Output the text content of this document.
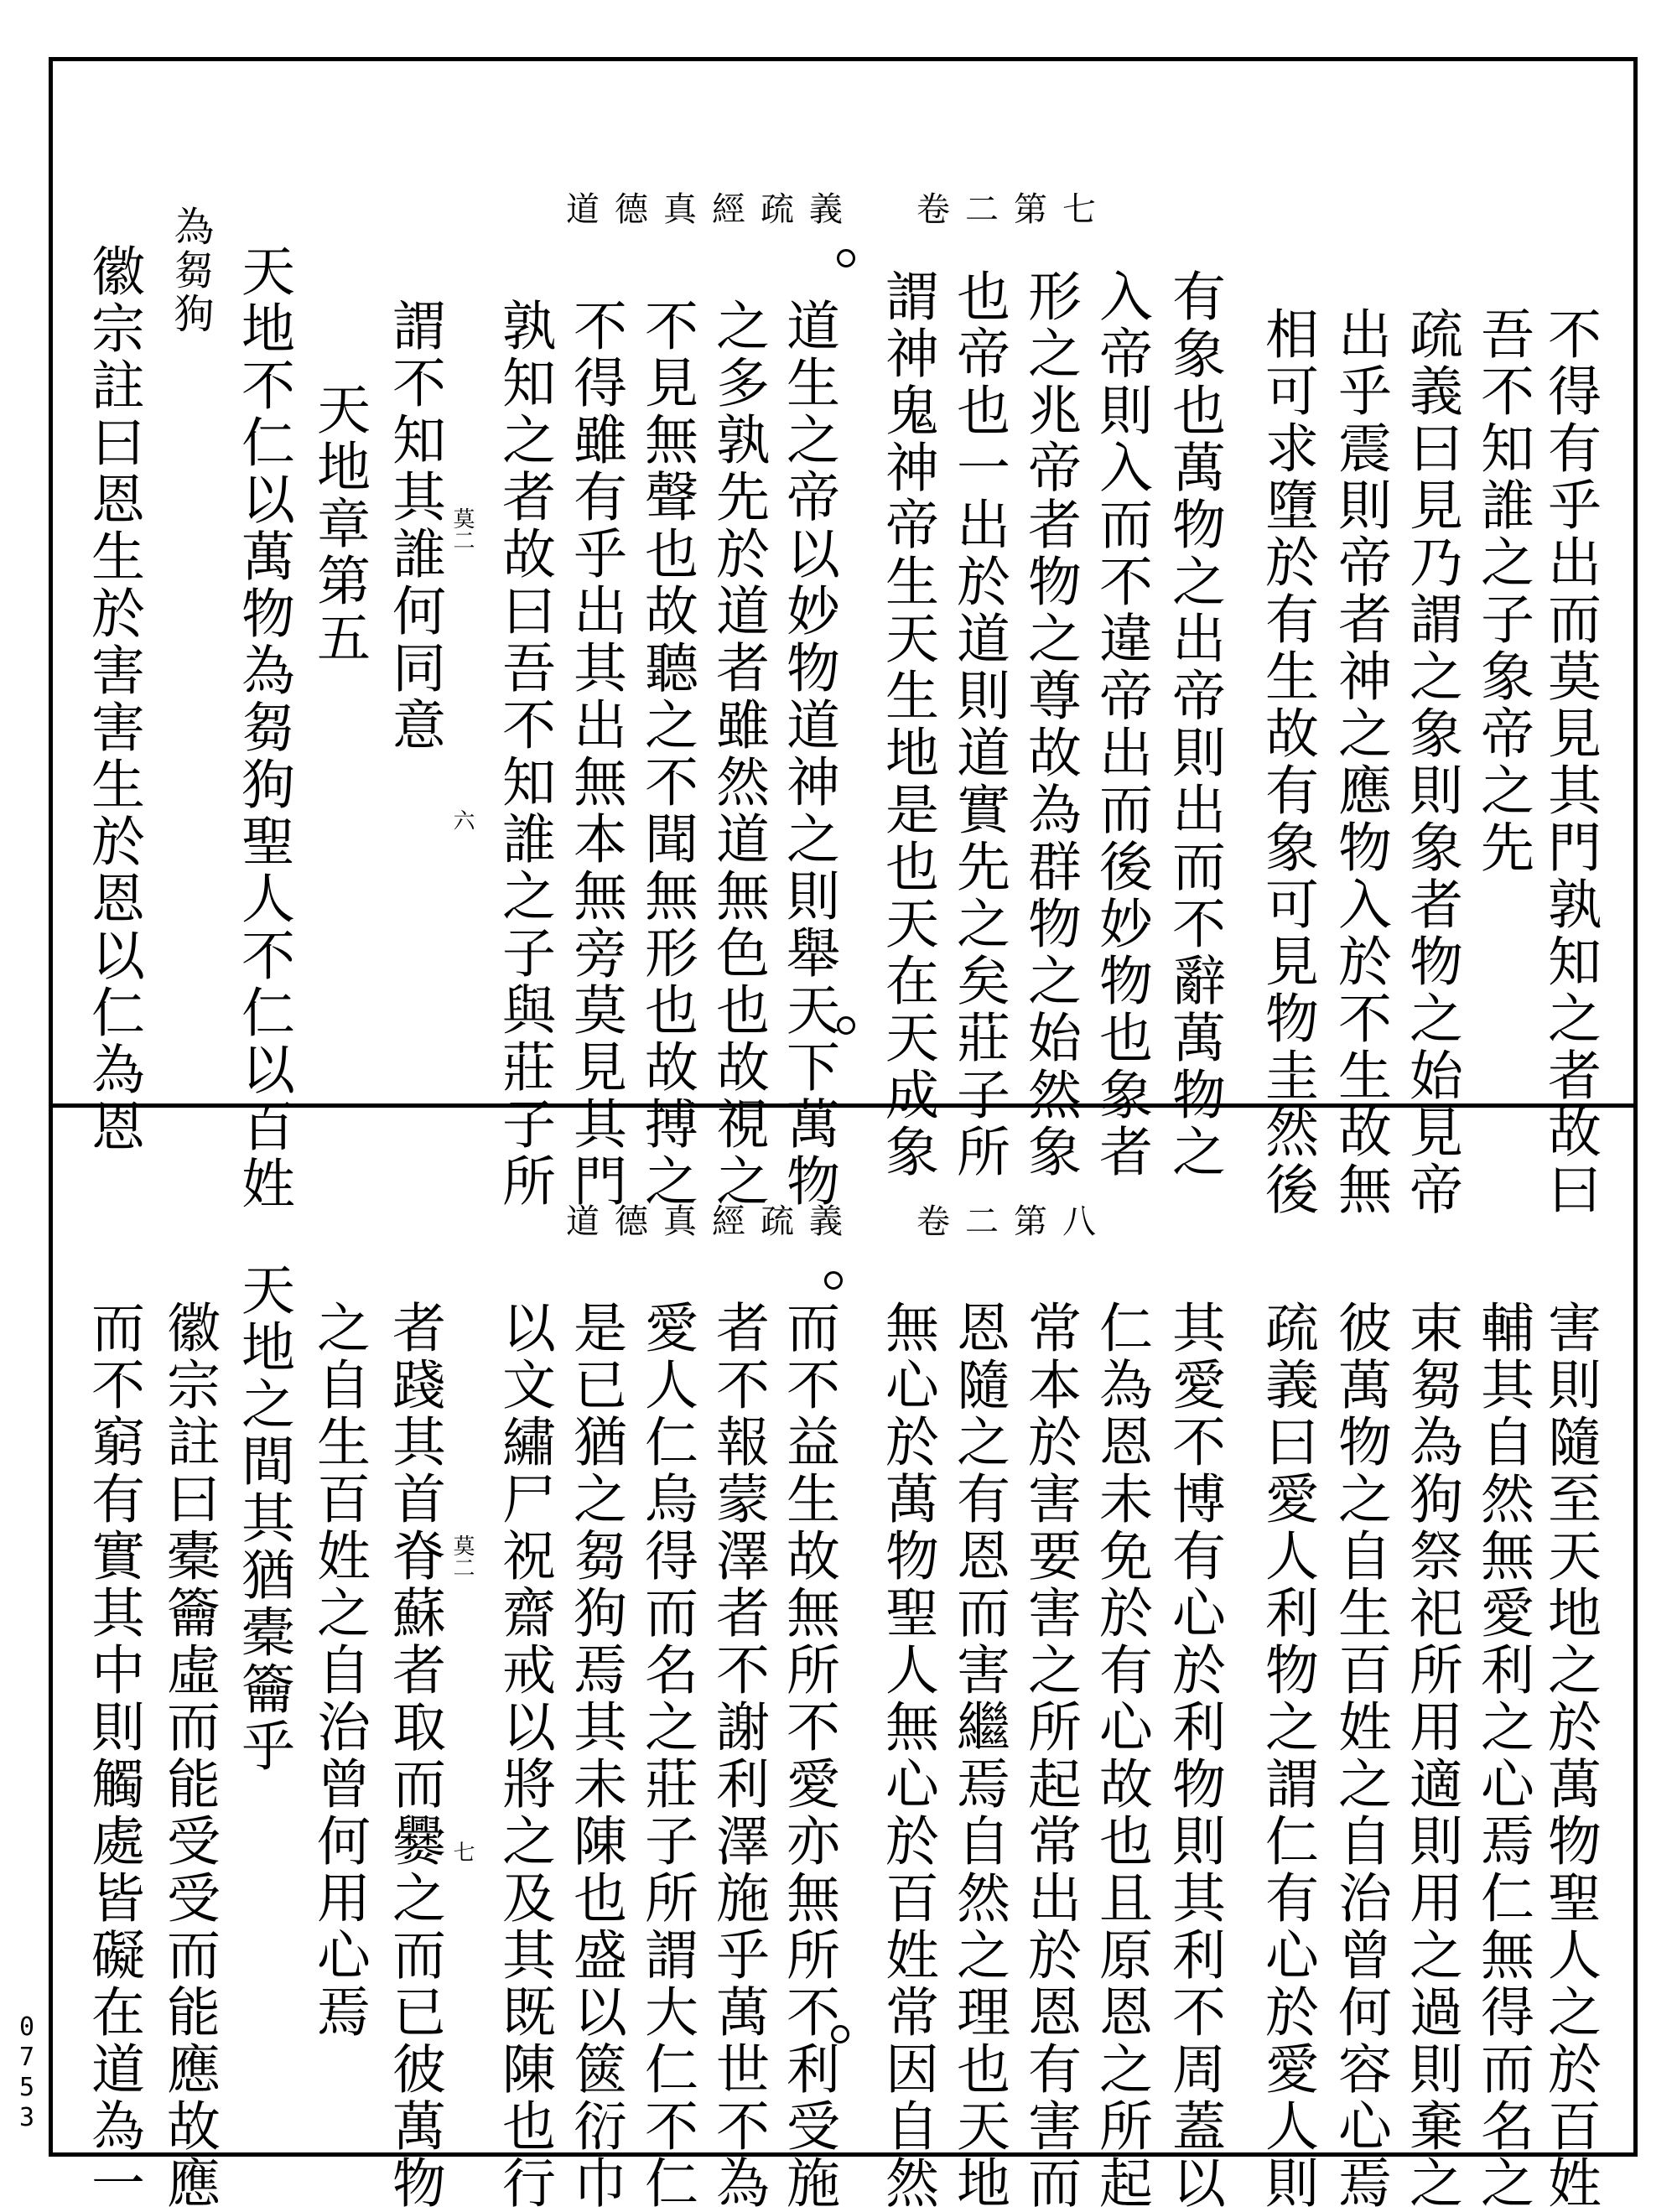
道德真經疏義 卷二第七
不得有乎出而莫見其門孰知之者故曰
吾不知誰之子象帝之先
疏義曰見乃謂之象則象者物之始見帝
出乎震則帝者神之應物入於不生故無
相可求墮於有生故有象可見物圭然後
有象也萬物之出帝則出而不辭萬物之
入帝則入而不違帝出而後妙物也象者
形之兆帝者物之尊故為群物之始然象
也帝也一出於道則道實先之矣莊子所
謂神鬼神帝生天生地是也天在天成象
道生之帝以妙物道神之則舉天下萬物
之多孰先於道者雖然道無色也故視之
不見無聲也故聽之不聞無形也故搏之
不得雖有乎出其出無本無旁莫見其門
孰知之者故曰吾不知誰之子與莊子所
謂不知其誰何同意
天地章第五
天地不仁以萬物為芻狗聖人不仁以百姓
為芻狗
徽宗註曰恩生於害害生於恩以仁為恩	莫二
六
道德真經疏義 卷二第八
害則隨至天地之於萬物聖人之於百姓
輔其自然無愛利之心焉仁無得而名之
束芻為狗祭祀所用適則用之過則棄之
彼萬物之自生百姓之自治曾何容心焉
疏義曰愛人利物之謂仁有心於愛人則
其愛不博有心於利物則其利不周蓋以
仁為恩未免於有心故也且原恩之所起
常本於害要害之所起常出於恩有害而
恩隨之有恩而害繼焉自然之理也天地
無心於萬物聖人無心於百姓常因自然
而不益生故無所不愛亦無所不利受施
者不報蒙澤者不謝利澤施乎萬世不為
愛人仁烏得而名之莊子所謂大仁不仁
是已猶之芻狗焉其未陳也盛以篋衍巾
以文繡尸祝齋戒以將之及其既陳也行
者踐其首脊蘇者取而爨之而已彼萬物
之自生百姓之自治曾何用心焉
天地之間其猶橐籥乎
徽宗註曰橐籥虛而能受受而能應故應
而不窮有實其中則觸處皆礙在道為一	莫二
七
0753
